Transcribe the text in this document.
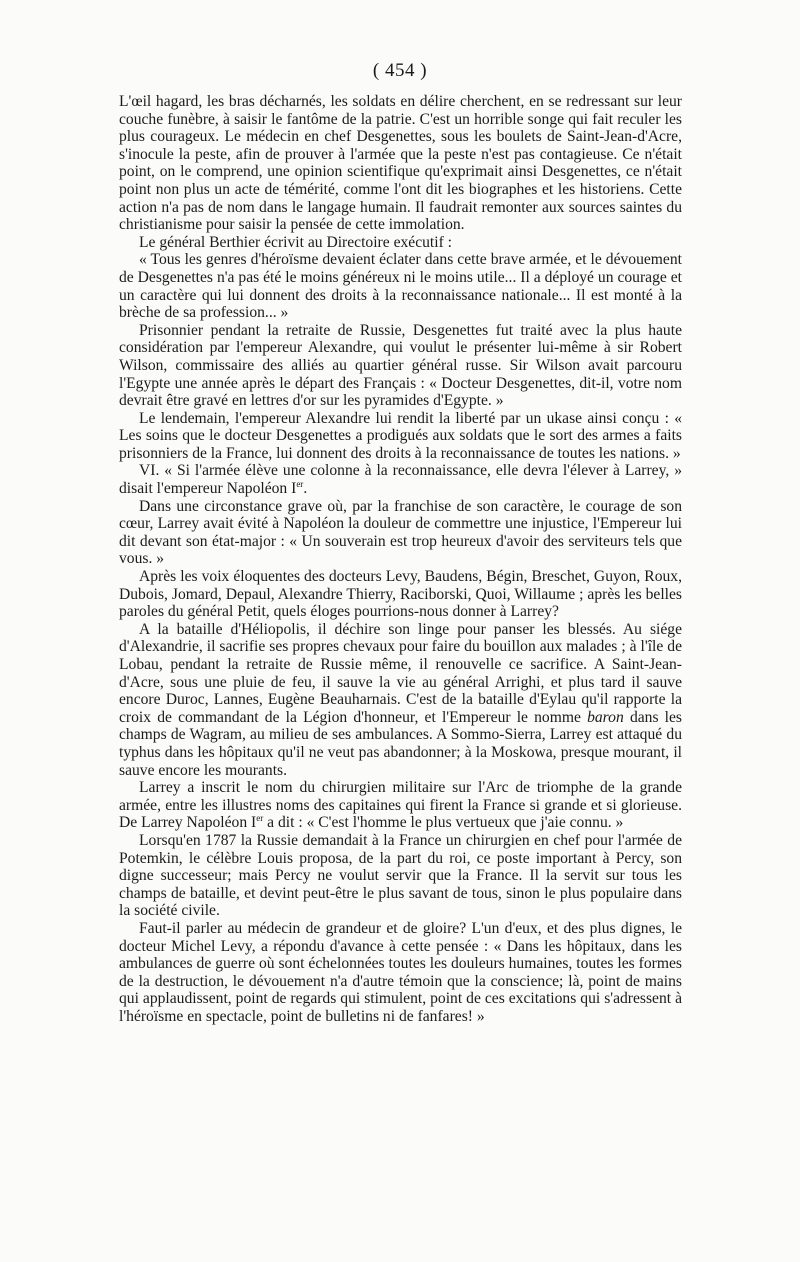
( 454 )

L'œil hagard, les bras décharnés, les soldats en délire cherchent, en se redressant sur leur couche funèbre, à saisir le fantôme de la patrie. C'est un horrible songe qui fait reculer les plus courageux. Le médecin en chef Desgenettes, sous les boulets de Saint-Jean-d'Acre, s'inocule la peste, afin de prouver à l'armée que la peste n'est pas contagieuse. Ce n'était point, on le comprend, une opinion scientifique qu'exprimait ainsi Desgenettes, ce n'était point non plus un acte de témérité, comme l'ont dit les biographes et les historiens. Cette action n'a pas de nom dans le langage humain. Il faudrait remonter aux sources saintes du christianisme pour saisir la pensée de cette immolation.

Le général Berthier écrivit au Directoire exécutif :

« Tous les genres d'héroïsme devaient éclater dans cette brave armée, et le dévouement de Desgenettes n'a pas été le moins généreux ni le moins utile... Il a déployé un courage et un caractère qui lui donnent des droits à la reconnaissance nationale... Il est monté à la brèche de sa profession... »

Prisonnier pendant la retraite de Russie, Desgenettes fut traité avec la plus haute considération par l'empereur Alexandre, qui voulut le présenter lui-même à sir Robert Wilson, commissaire des alliés au quartier général russe. Sir Wilson avait parcouru l'Egypte une année après le départ des Français : « Docteur Desgenettes, dit-il, votre nom devrait être gravé en lettres d'or sur les pyramides d'Egypte. »

Le lendemain, l'empereur Alexandre lui rendit la liberté par un ukase ainsi conçu : « Les soins que le docteur Desgenettes a prodigués aux soldats que le sort des armes a faits prisonniers de la France, lui donnent des droits à la reconnaissance de toutes les nations. »

VI. « Si l'armée élève une colonne à la reconnaissance, elle devra l'élever à Larrey, » disait l'empereur Napoléon Ier.

Dans une circonstance grave où, par la franchise de son caractère, le courage de son cœur, Larrey avait évité à Napoléon la douleur de commettre une injustice, l'Empereur lui dit devant son état-major : « Un souverain est trop heureux d'avoir des serviteurs tels que vous. »

Après les voix éloquentes des docteurs Levy, Baudens, Bégin, Breschet, Guyon, Roux, Dubois, Jomard, Depaul, Alexandre Thierry, Raciborski, Quoi, Willaume ; après les belles paroles du général Petit, quels éloges pourrions-nous donner à Larrey?

A la bataille d'Héliopolis, il déchire son linge pour panser les blessés. Au siége d'Alexandrie, il sacrifie ses propres chevaux pour faire du bouillon aux malades ; à l'île de Lobau, pendant la retraite de Russie même, il renouvelle ce sacrifice. A Saint-Jean-d'Acre, sous une pluie de feu, il sauve la vie au général Arrighi, et plus tard il sauve encore Duroc, Lannes, Eugène Beauharnais. C'est de la bataille d'Eylau qu'il rapporte la croix de commandant de la Légion d'honneur, et l'Empereur le nomme baron dans les champs de Wagram, au milieu de ses ambulances. A Sommo-Sierra, Larrey est attaqué du typhus dans les hôpitaux qu'il ne veut pas abandonner; à la Moskowa, presque mourant, il sauve encore les mourants.

Larrey a inscrit le nom du chirurgien militaire sur l'Arc de triomphe de la grande armée, entre les illustres noms des capitaines qui firent la France si grande et si glorieuse. De Larrey Napoléon Ier a dit : « C'est l'homme le plus vertueux que j'aie connu. »

Lorsqu'en 1787 la Russie demandait à la France un chirurgien en chef pour l'armée de Potemkin, le célèbre Louis proposa, de la part du roi, ce poste important à Percy, son digne successeur; mais Percy ne voulut servir que la France. Il la servit sur tous les champs de bataille, et devint peut-être le plus savant de tous, sinon le plus populaire dans la société civile.

Faut-il parler au médecin de grandeur et de gloire? L'un d'eux, et des plus dignes, le docteur Michel Levy, a répondu d'avance à cette pensée : « Dans les hôpitaux, dans les ambulances de guerre où sont échelonnées toutes les douleurs humaines, toutes les formes de la destruction, le dévouement n'a d'autre témoin que la conscience; là, point de mains qui applaudissent, point de regards qui stimulent, point de ces excitations qui s'adressent à l'héroïsme en spectacle, point de bulletins ni de fanfares! »
